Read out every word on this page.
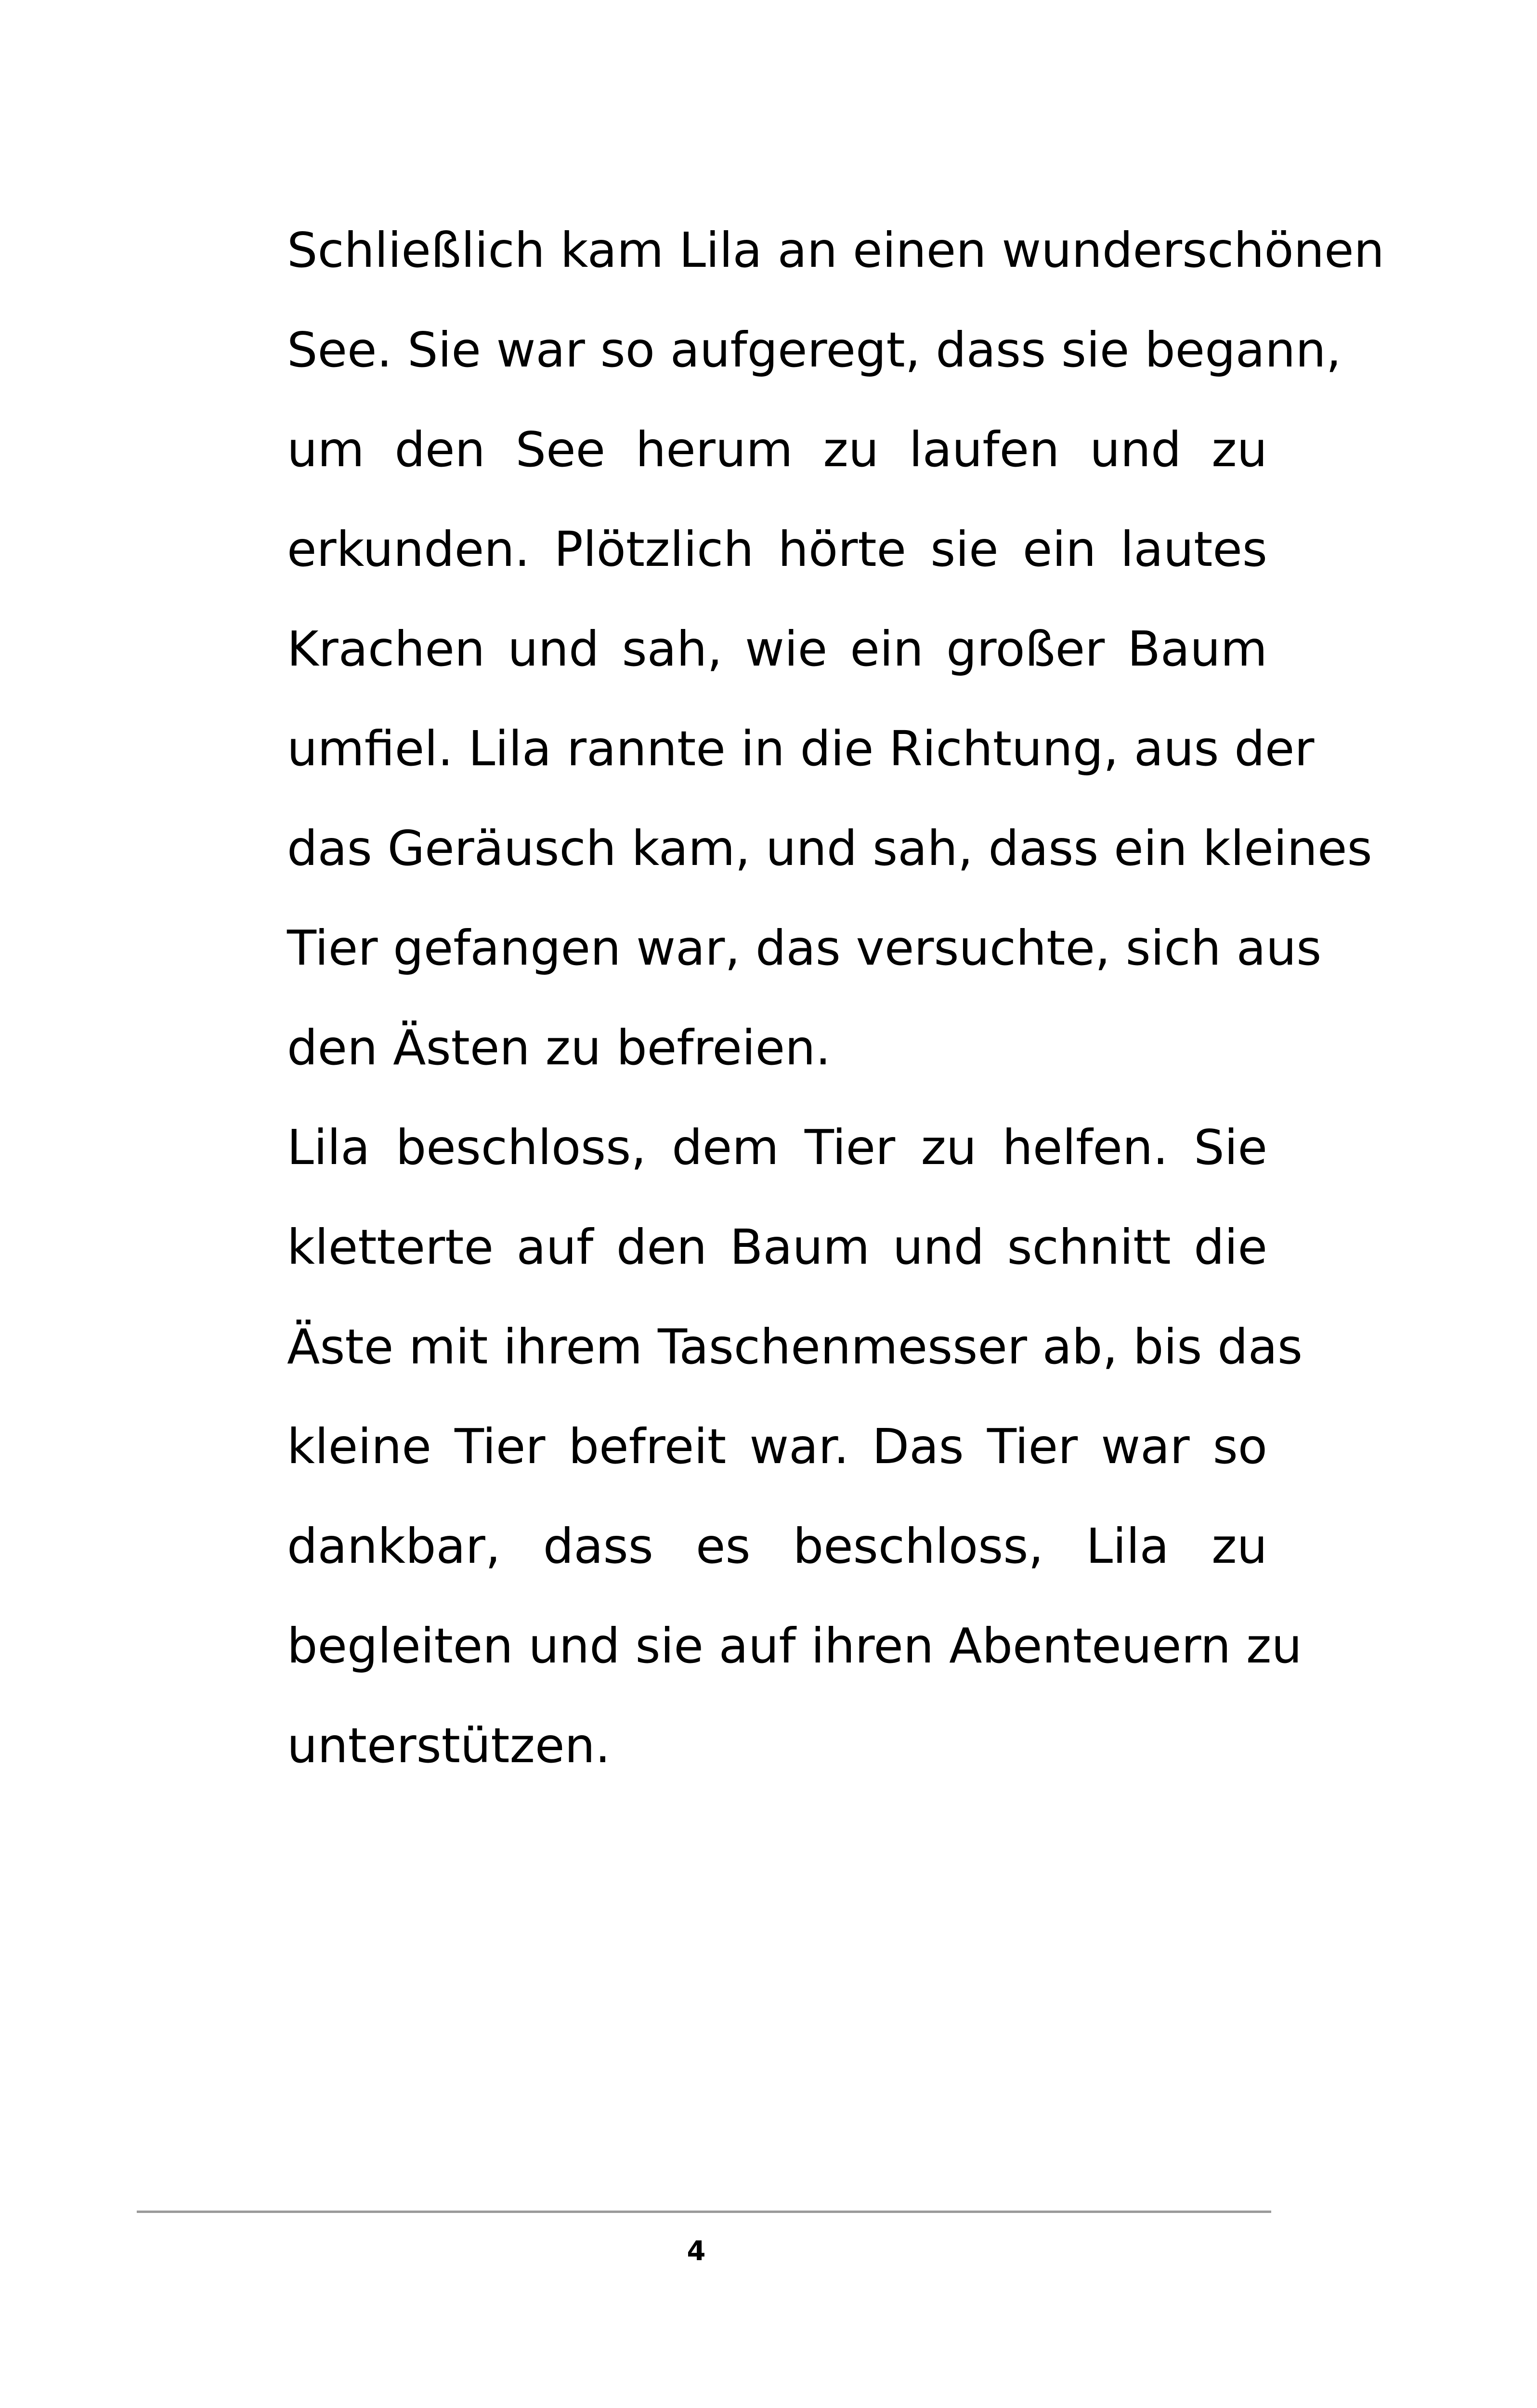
Schließlich kam Lila an einen wunderschönen
See. Sie war so aufgeregt, dass sie begann,
um den See herum zu laufen und zu
erkunden. Plötzlich hörte sie ein lautes
Krachen und sah, wie ein großer Baum
umfiel. Lila rannte in die Richtung, aus der
das Geräusch kam, und sah, dass ein kleines
Tier gefangen war, das versuchte, sich aus
den Ästen zu befreien.
Lila beschloss, dem Tier zu helfen. Sie
kletterte auf den Baum und schnitt die
Äste mit ihrem Taschenmesser ab, bis das
kleine Tier befreit war. Das Tier war so
dankbar, dass es beschloss, Lila zu
begleiten und sie auf ihren Abenteuern zu
unterstützen.
4
